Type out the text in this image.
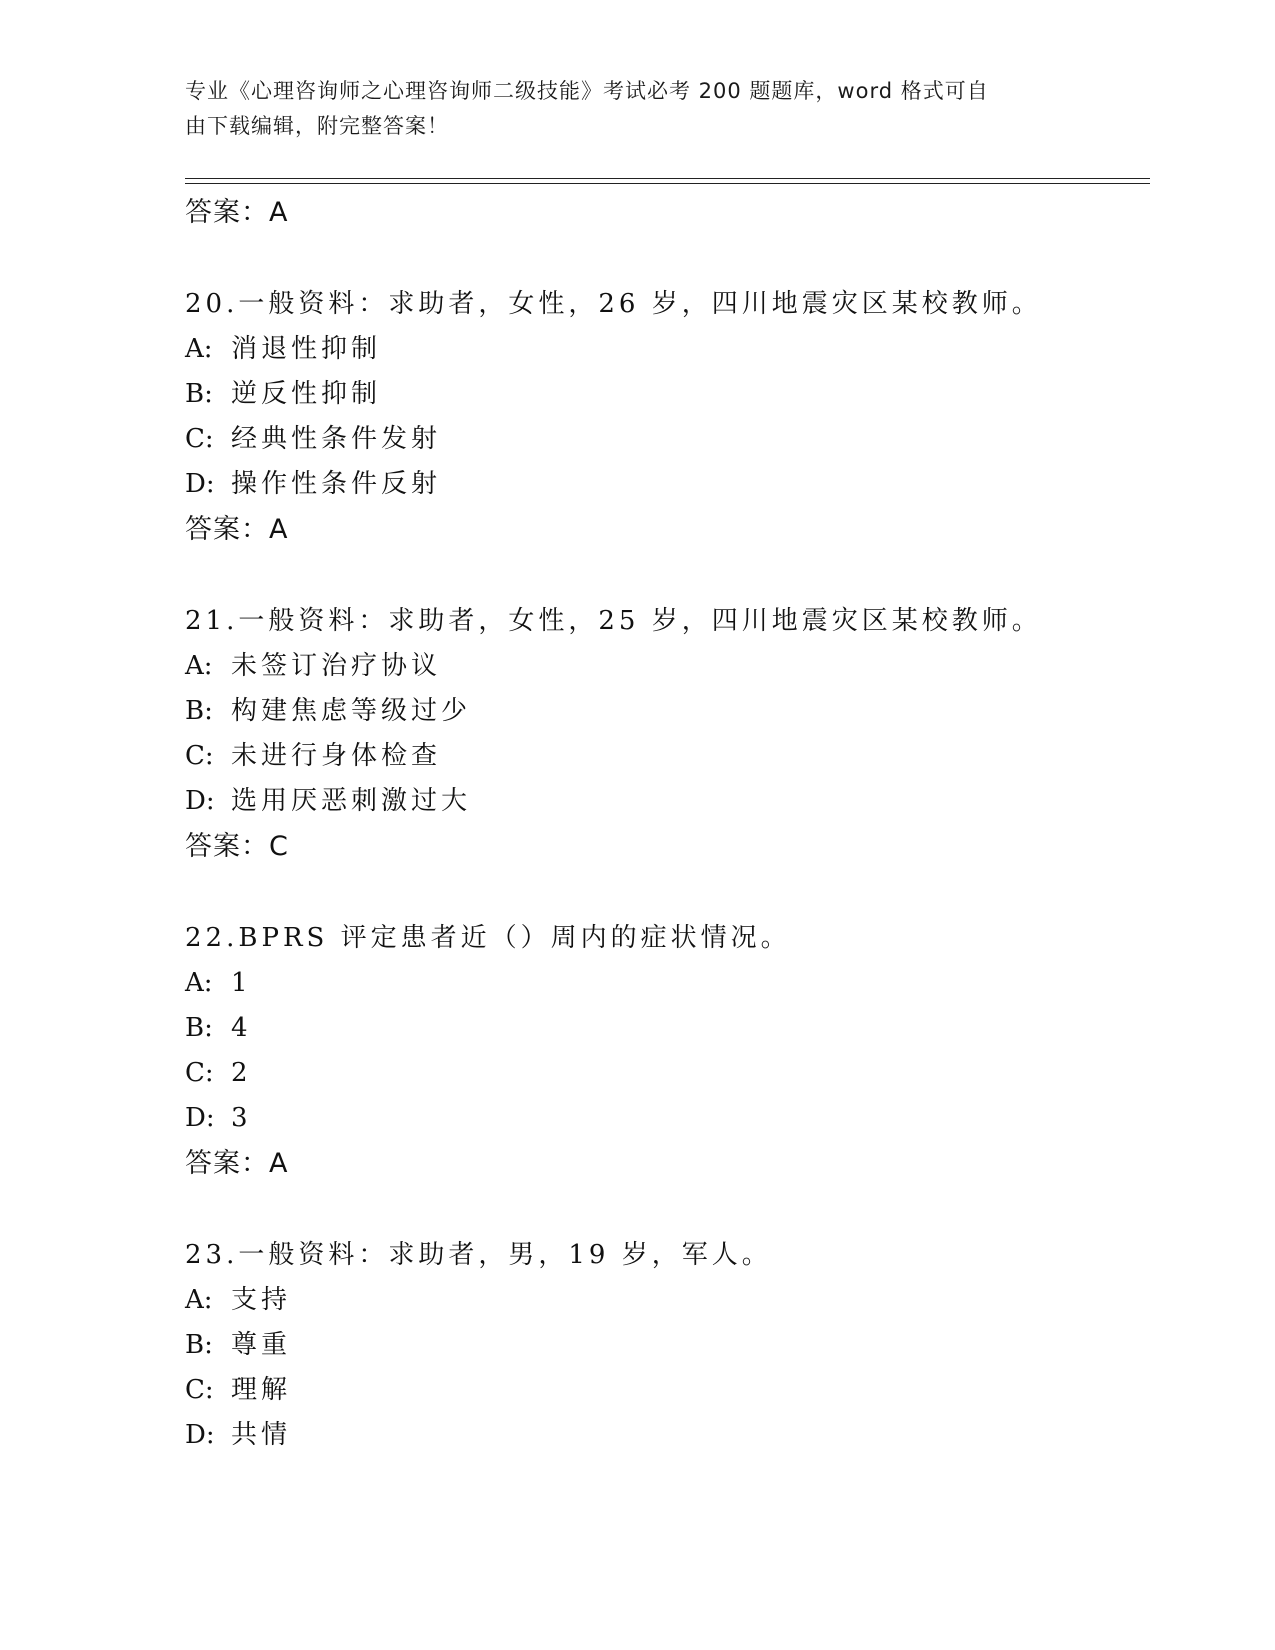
专业《心理咨询师之心理咨询师二级技能》考试必考 200 题题库，word 格式可自
由下载编辑，附完整答案！
答案：A
20.一般资料：求助者，女性，26 岁，四川地震灾区某校教师。
A: 消退性抑制
B: 逆反性抑制
C: 经典性条件发射
D: 操作性条件反射
答案：A
21.一般资料：求助者，女性，25 岁，四川地震灾区某校教师。
A: 未签订治疗协议
B: 构建焦虑等级过少
C: 未进行身体检查
D: 选用厌恶刺激过大
答案：C
22.BPRS 评定患者近（）周内的症状情况。
A: 1
B: 4
C: 2
D: 3
答案：A
23.一般资料：求助者，男，19 岁，军人。
A: 支持
B: 尊重
C: 理解
D: 共情
